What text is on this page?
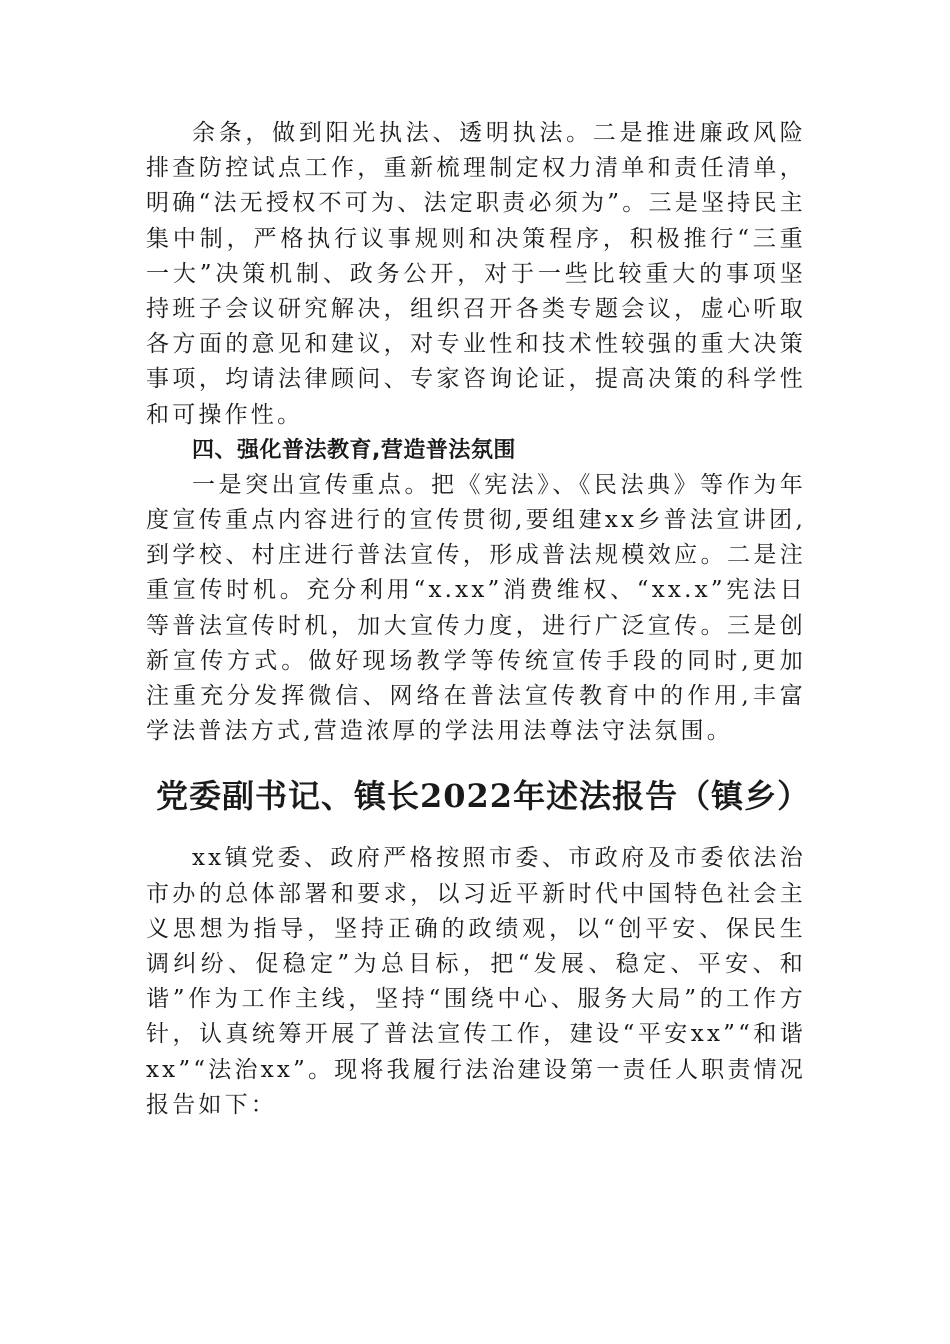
余条，做到阳光执法、透明执法。二是推进廉政风险排查防控试点工作，重新梳理制定权力清单和责任清单，明确“法无授权不可为、法定职责必须为”。三是坚持民主集中制，严格执行议事规则和决策程序，积极推行“三重一大”决策机制、政务公开，对于一些比较重大的事项坚持班子会议研究解决，组织召开各类专题会议，虚心听取各方面的意见和建议，对专业性和技术性较强的重大决策事项，均请法律顾问、专家咨询论证，提高决策的科学性和可操作性。

四、强化普法教育,营造普法氛围

一是突出宣传重点。把《宪法》、《民法典》等作为年度宣传重点内容进行的宣传贯彻,要组建xx乡普法宣讲团,到学校、村庄进行普法宣传，形成普法规模效应。二是注重宣传时机。充分利用“x.xx”消费维权、“xx.x”宪法日等普法宣传时机，加大宣传力度，进行广泛宣传。三是创新宣传方式。做好现场教学等传统宣传手段的同时,更加注重充分发挥微信、网络在普法宣传教育中的作用,丰富学法普法方式,营造浓厚的学法用法尊法守法氛围。

党委副书记、镇长2022年述法报告（镇乡）

xx镇党委、政府严格按照市委、市政府及市委依法治市办的总体部署和要求，以习近平新时代中国特色社会主义思想为指导，坚持正确的政绩观，以“创平安、保民生调纠纷、促稳定”为总目标，把“发展、稳定、平安、和谐”作为工作主线，坚持“围绕中心、服务大局”的工作方针，认真统筹开展了普法宣传工作，建设“平安xx”“和谐xx”“法治xx”。现将我履行法治建设第一责任人职责情况报告如下：
